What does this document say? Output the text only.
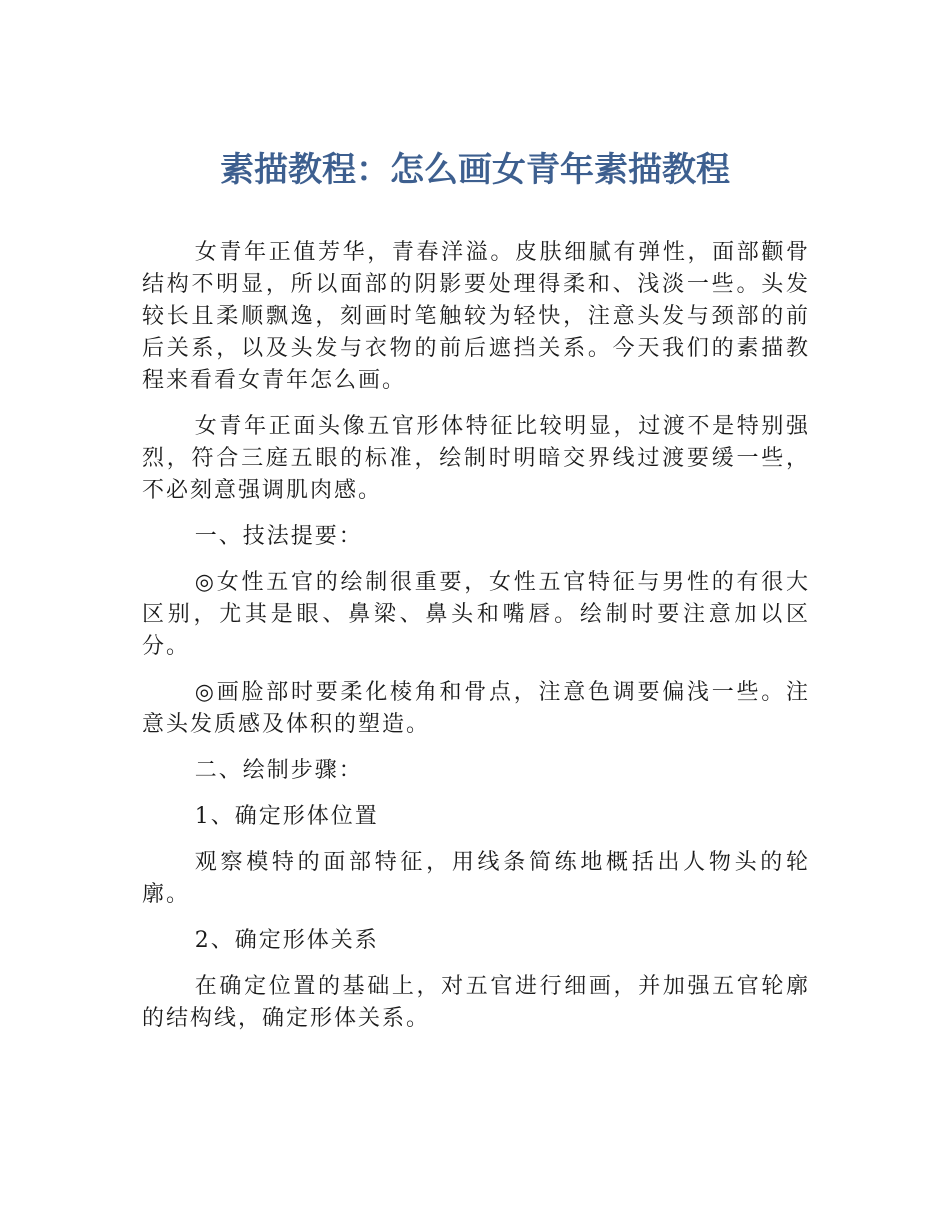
素描教程：怎么画女青年素描教程

女青年正值芳华，青春洋溢。皮肤细腻有弹性，面部颧骨结构不明显，所以面部的阴影要处理得柔和、浅淡一些。头发较长且柔顺飘逸，刻画时笔触较为轻快，注意头发与颈部的前后关系，以及头发与衣物的前后遮挡关系。今天我们的素描教程来看看女青年怎么画。

女青年正面头像五官形体特征比较明显，过渡不是特别强烈，符合三庭五眼的标准，绘制时明暗交界线过渡要缓一些，不必刻意强调肌肉感。

一、技法提要：

◎女性五官的绘制很重要，女性五官特征与男性的有很大区别，尤其是眼、鼻梁、鼻头和嘴唇。绘制时要注意加以区分。

◎画脸部时要柔化棱角和骨点，注意色调要偏浅一些。注意头发质感及体积的塑造。

二、绘制步骤：

1、确定形体位置

观察模特的面部特征，用线条简练地概括出人物头的轮廓。

2、确定形体关系

在确定位置的基础上，对五官进行细画，并加强五官轮廓的结构线，确定形体关系。
